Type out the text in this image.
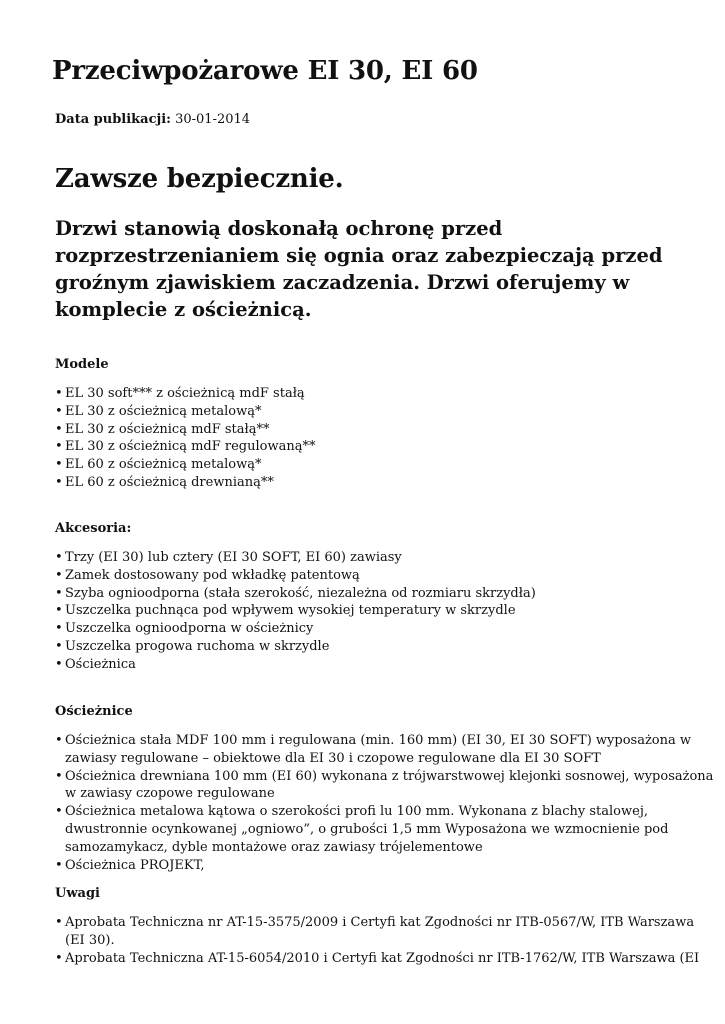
Przeciwpożarowe EI 30, EI 60

Data publikacji: 30-01-2014

Zawsze bezpiecznie.

Drzwi stanowią doskonałą ochronę przed
rozprzestrzenianiem się ognia oraz zabezpieczają przed
groźnym zjawiskiem zaczadzenia. Drzwi oferujemy w
komplecie z ościeżnicą.

Modele
• EL 30 soft*** z ościeżnicą mdF stałą
• EL 30 z ościeżnicą metalową*
• EL 30 z ościeżnicą mdF stałą**
• EL 30 z ościeżnicą mdF regulowaną**
• EL 60 z ościeżnicą metalową*
• EL 60 z ościeżnicą drewnianą**
Akcesoria:
• Trzy (EI 30) lub cztery (EI 30 SOFT, EI 60) zawiasy
• Zamek dostosowany pod wkładkę patentową
• Szyba ognioodporna (stała szerokość, niezależna od rozmiaru skrzydła)
• Uszczelka puchnąca pod wpływem wysokiej temperatury w skrzydle
• Uszczelka ognioodporna w ościeżnicy
• Uszczelka progowa ruchoma w skrzydle
• Ościeżnica
Ościeżnice
• Ościeżnica stała MDF 100 mm i regulowana (min. 160 mm) (EI 30, EI 30 SOFT) wyposażona w
zawiasy regulowane – obiektowe dla EI 30 i czopowe regulowane dla EI 30 SOFT
• Ościeżnica drewniana 100 mm (EI 60) wykonana z trójwarstwowej klejonki sosnowej, wyposażona
w zawiasy czopowe regulowane
• Ościeżnica metalowa kątowa o szerokości profi lu 100 mm. Wykonana z blachy stalowej,
dwustronnie ocynkowanej „ogniowo”, o grubości 1,5 mm Wyposażona we wzmocnienie pod
samozamykacz, dyble montażowe oraz zawiasy trójelementowe
• Ościeżnica PROJEKT,
Uwagi
• Aprobata Techniczna nr AT-15-3575/2009 i Certyfi kat Zgodności nr ITB-0567/W, ITB Warszawa
(EI 30).
• Aprobata Techniczna AT-15-6054/2010 i Certyfi kat Zgodności nr ITB-1762/W, ITB Warszawa (EI
